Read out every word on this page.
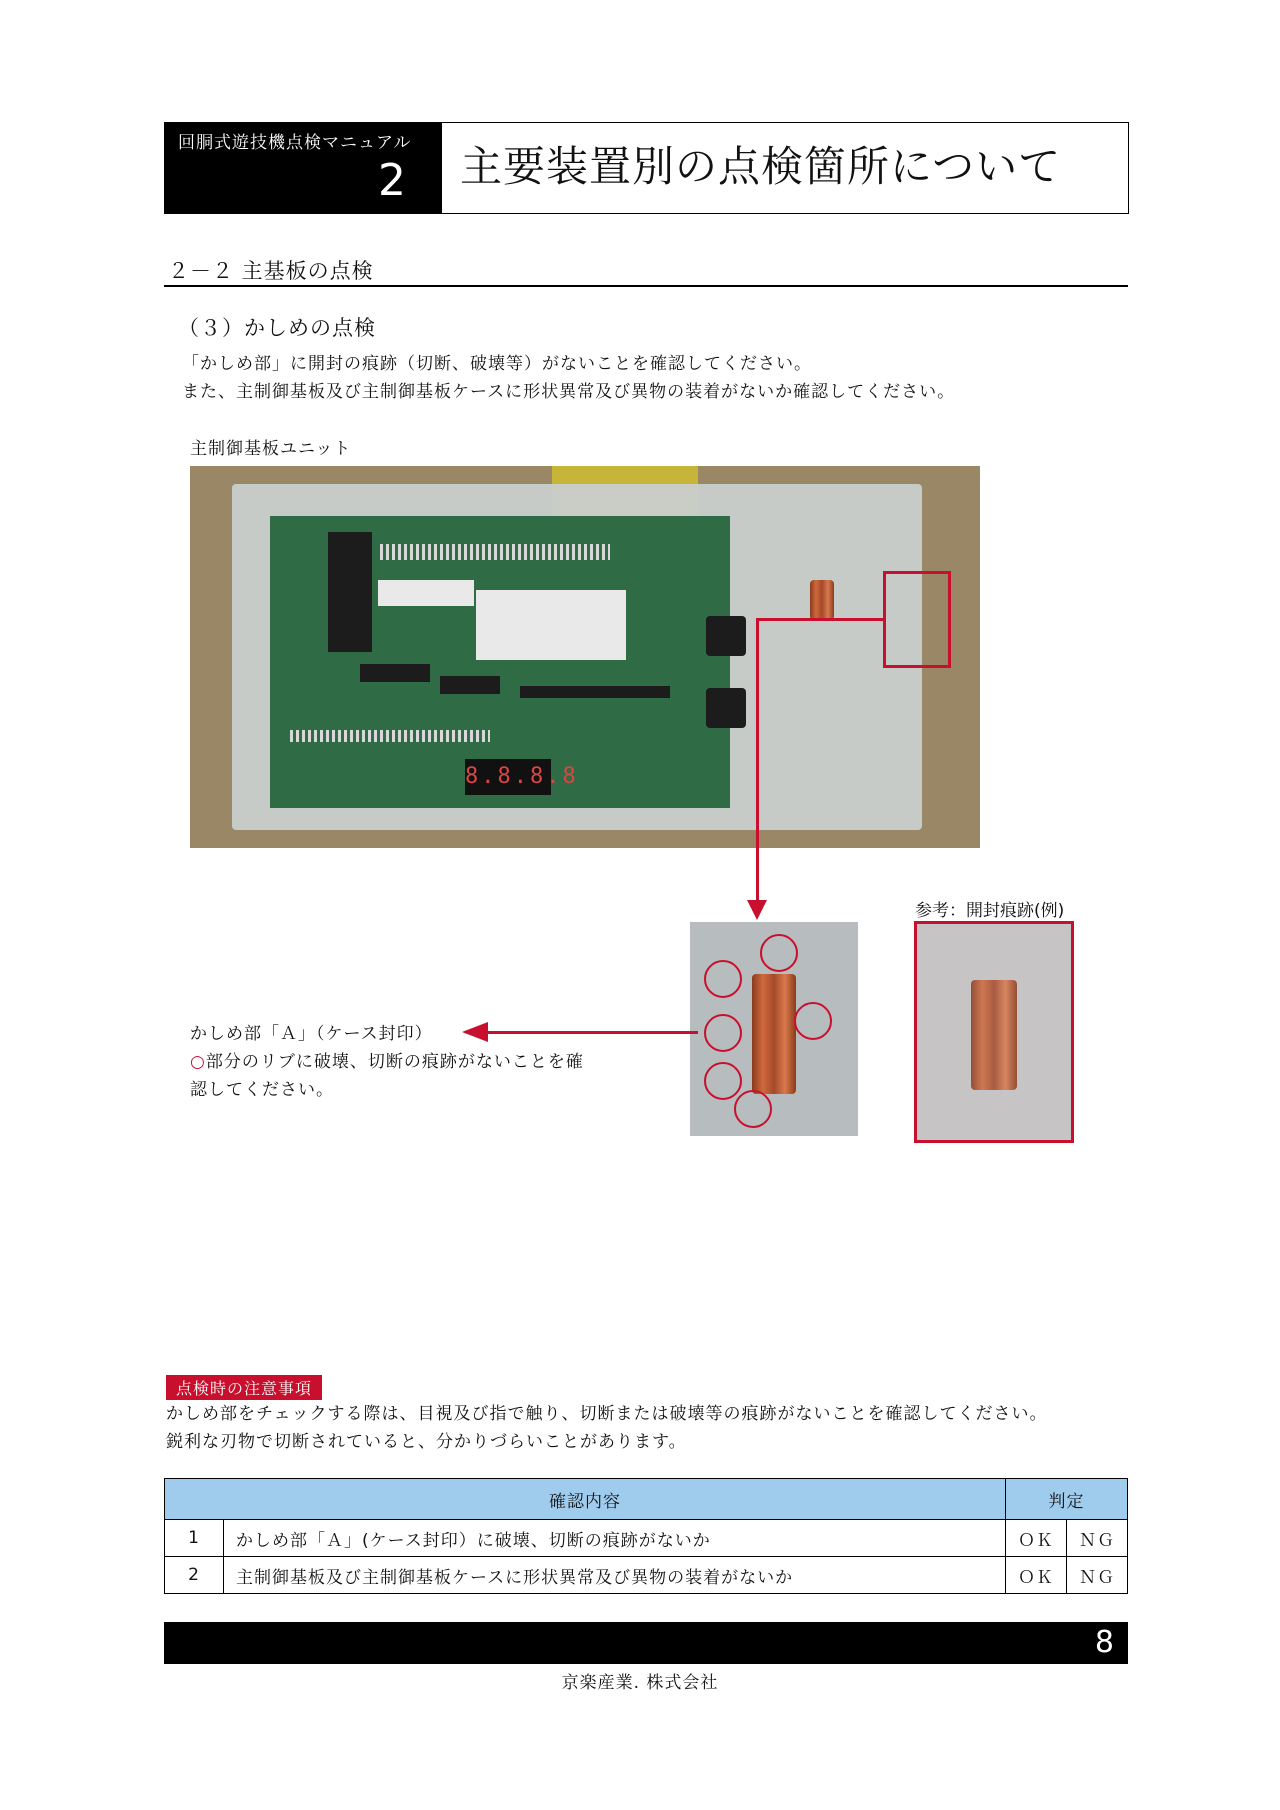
回胴式遊技機点検マニュアル
2 主要装置別の点検箇所について
２－２ 主基板の点検
（３）かしめの点検
「かしめ部」に開封の痕跡（切断、破壊等）がないことを確認してください。
また、主制御基板及び主制御基板ケースに形状異常及び異物の装着がないか確認してください。
主制御基板ユニット
8.8.8.8
参考：開封痕跡(例)
かしめ部「Ａ」（ケース封印）
○部分のリブに破壊、切断の痕跡がないことを確
認してください。
点検時の注意事項
かしめ部をチェックする際は、目視及び指で触り、切断または破壊等の痕跡がないことを確認してください。
鋭利な刃物で切断されていると、分かりづらいことがあります。
確認内容		判定	
1	かしめ部「Ａ」(ケース封印）に破壊、切断の痕跡がないか	ＯＫ	ＮＧ
2	主制御基板及び主制御基板ケースに形状異常及び異物の装着がないか	ＯＫ	ＮＧ
8
京楽産業. 株式会社
